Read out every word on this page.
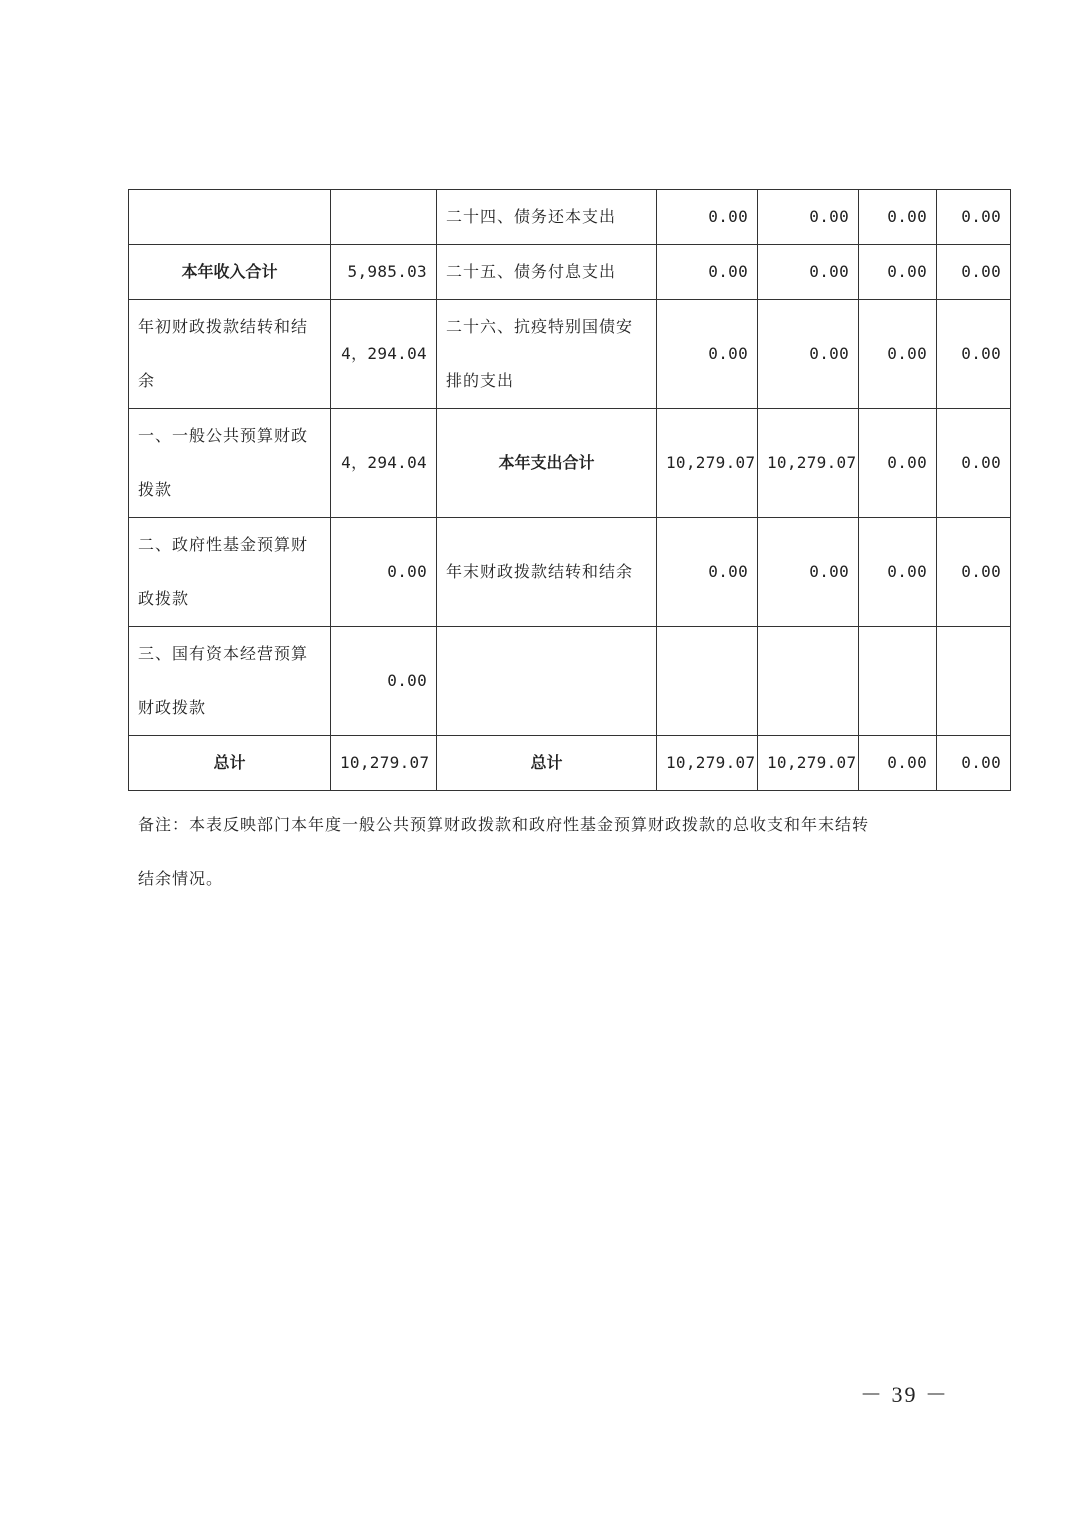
		二十四、债务还本支出	0.00	0.00	0.00	0.00
本年收入合计	5,985.03	二十五、债务付息支出	0.00	0.00	0.00	0.00
年初财政拨款结转和结余	4，294.04	二十六、抗疫特别国债安排的支出	0.00	0.00	0.00	0.00
一、一般公共预算财政拨款	4，294.04	本年支出合计	10,279.07	10,279.07	0.00	0.00
二、政府性基金预算财政拨款	0.00	年末财政拨款结转和结余	0.00	0.00	0.00	0.00
三、国有资本经营预算财政拨款	0.00					
总计	10,279.07	总计	10,279.07	10,279.07	0.00	0.00
备注：本表反映部门本年度一般公共预算财政拨款和政府性基金预算财政拨款的总收支和年末结转
结余情况。
－ 39 －
